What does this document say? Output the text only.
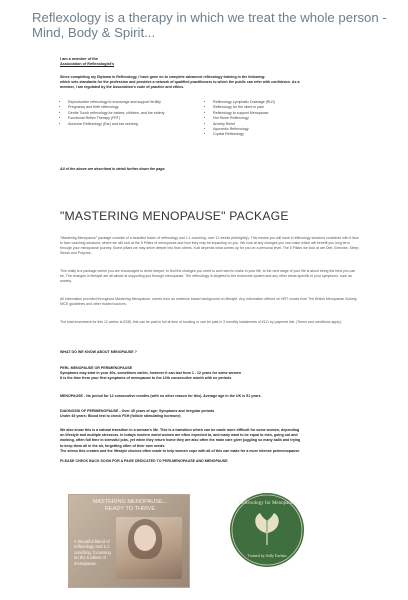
Reflexology is a therapy in which we treat the whole person - Mind, Body & Spirit...
I am a member of the
Association of Reflexologist's
Since completing my Diploma in Reflexology, I have gone on to complete advanced reflexology training in the following:
which sets standards for the profession and provides a network of qualified practitioners to which the public can refer with confidence. As a
member, I am regulated by the Association's code of practice and ethics.
• Reproductive reflexology to encourage and support fertility
• Pregnancy and birth reflexology
• Gentle Touch reflexology for babies, children, and the elderly
• Functional Reflex Therapy (FRT)
• Auricular Reflexology (Ear) and ear seeding
• Reflexology Lymphatic Drainage (RLD)
• Reflexology for the client in pain
• Reflexology to support Menopause
• Hot Stone Reflexology
• Anxiety Relief
• Ayurvedic Reflexology
• Crystal Reflexology
All of the above are described in detail further down the page.
"MASTERING MENOPAUSE" PACKAGE
"Mastering Menopause" package consists of a beautiful fusion of reflexology and 1:1 coaching, over 12 weeks (fortnightly). This means you will have 6 reflexology sessions combined with 6 face to face coaching sessions, where we will look at the 5 Pillars of menopause and how they may be impacting on you. We look at any changes you can make which will benefit you long term through your menopause journey. Some pillars we may delve deeper into than others. It all depends what comes up for you on a personal level. The 5 Pillars we look at are Diet, Exercise, Sleep, Stress and Purpose.
This really is a package where you are encouraged to delve deeper, to find the changes you need to and need to make in your life, to the next stage of your life is about being the best you can be. The changes in lifestyle are all aimed at supporting you through menopause. The reflexology is targeted to the endocrine system and any other areas specific to your symptoms, such as anxiety.
All information provided throughout Mastering Menopause, comes from an evidence based background on lifestyle. Any information offered on HRT comes from The British Menopause Society, NICE guidelines and other trusted sources.
The total investment for this 12 weeks is £335, this can be paid in full at time of booking or can be paid in 3 monthly instalments of £111 by payment link. (Terms and conditions apply).
WHAT DO WE KNOW ABOUT MENOPAUSE ?
PERI- MENOPAUSE OR PERIMENOPAUSE
Symptoms may start in your 40s, sometimes earlier, however it can last from 1 - 12 years for some women
It is the time from your first symptoms of menopause to the 12th consecutive month with no periods
MENOPAUSE - No period for 12 consecutive months (with no other reason for this). Average age in the UK is 51 years.
DIAGNOSIS OF PERIMENOPAUSE - Over 45 years of age: Symptoms and irregular periods
Under 45 years: Blood test to check FSH (follicle stimulating hormone)
We also know this is a natural transition in a woman's life. This is a transition which can be made more difficult for some women, depending
on lifestyle and multiple stressors. In todays modern world women are often expected to, and many want to be equal to men, going out and
working, often full time in stressful jobs, yet when they return home they are also often the main care giver juggling so many balls and trying
to keep them all in the air, forgetting often of their own needs.
The stress this creates and the lifestyle choices often made to help women cope with all of this can make for a more intense perimenopause.
PLEASE CHECK BACK SOON FOR A PAGE DEDICATED TO PERI-MENOPAUSE AND MENOPAUSE
MASTERING MENOPAUSE...
READY TO THRIVE
A beautiful blend of reflexology and 1:1 coaching, focussing on the 5 pillars of menopause.
Reflexology for Menopause
Trained by Sally Earlam
